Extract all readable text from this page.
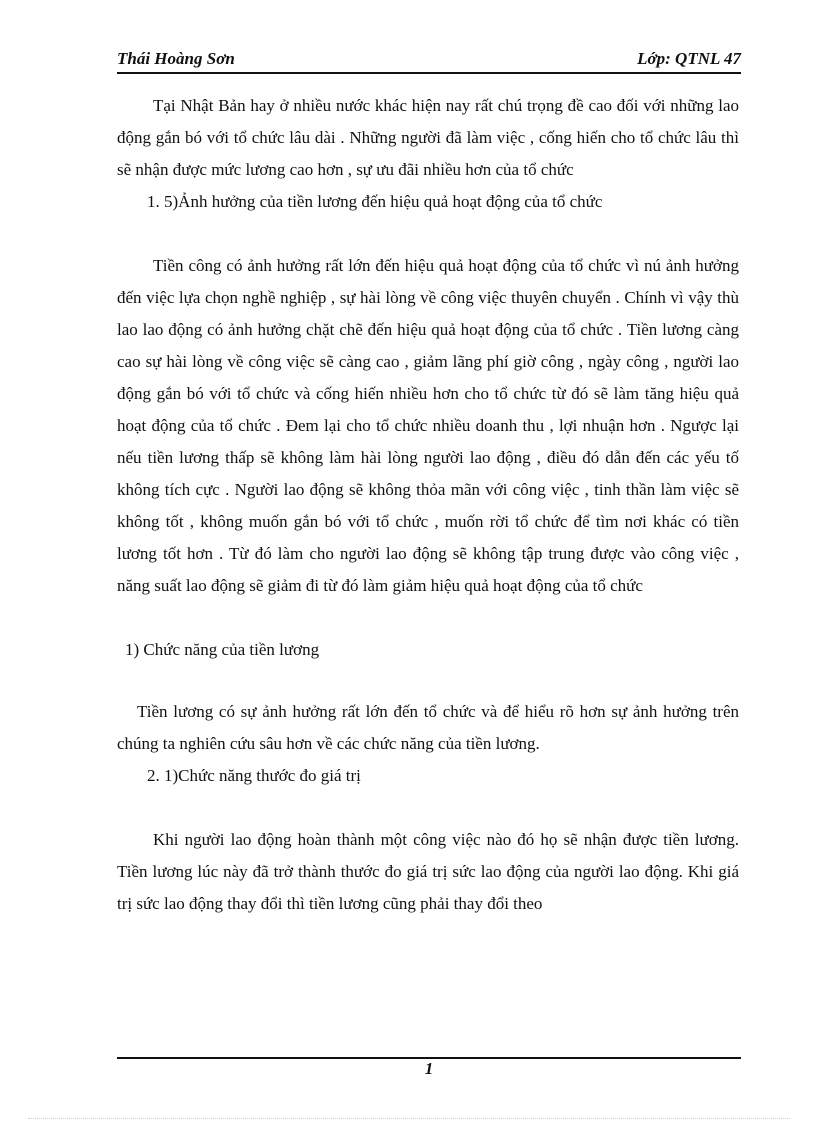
Thái Hoàng Sơn	Lớp: QTNL 47

Tại Nhật Bản hay ở nhiều nước khác hiện nay rất chú trọng đề cao đối với những lao động gắn bó với tổ chức lâu dài . Những người đã làm việc , cống hiến cho tổ chức lâu thì sẽ nhận được mức lương cao hơn , sự ưu đãi nhiều hơn của tổ chức

1. 5)Ảnh hưởng của tiền lương đến hiệu quả hoạt động của tổ chức

Tiền công có ảnh hưởng rất lớn đến hiệu quả hoạt động của tổ chức vì nú ảnh hưởng đến việc lựa chọn nghề nghiệp , sự hài lòng về công việc thuyên chuyển . Chính vì vậy thù lao lao động có ảnh hưởng chặt chẽ đến hiệu quả hoạt động của tổ chức . Tiền lương càng cao sự hài lòng về công việc sẽ càng cao , giảm lãng phí giờ công , ngày công , người lao động gắn bó với tổ chức và cống hiến nhiều hơn cho tổ chức từ đó sẽ làm tăng hiệu quả hoạt động của tổ chức . Đem lại cho tổ chức nhiều doanh thu , lợi nhuận hơn . Ngược lại nếu tiền lương thấp sẽ không làm hài lòng người lao động , điều đó dẫn đến các yếu tố không tích cực . Người lao động sẽ không thỏa mãn với công việc , tinh thần làm việc sẽ không tốt , không muốn gắn bó với tổ chức , muốn rời tổ chức để tìm nơi khác có tiền lương tốt hơn . Từ đó làm cho người lao động sẽ không tập trung được vào công việc , năng suất lao động sẽ giảm đi từ đó làm giảm hiệu quả hoạt động của tổ chức

1) Chức năng của tiền lương

Tiền lương có sự ảnh hưởng rất lớn đến tổ chức và để hiểu rõ hơn sự ảnh hưởng trên chúng ta nghiên cứu sâu hơn về các chức năng của tiền lương.

2. 1)Chức năng thước đo giá trị

Khi người lao động hoàn thành một công việc nào đó họ sẽ nhận được tiền lương. Tiền lương lúc này đã trở thành thước đo giá trị sức lao động của người lao động. Khi giá trị sức lao động thay đổi thì tiền lương cũng phải thay đổi theo

1
